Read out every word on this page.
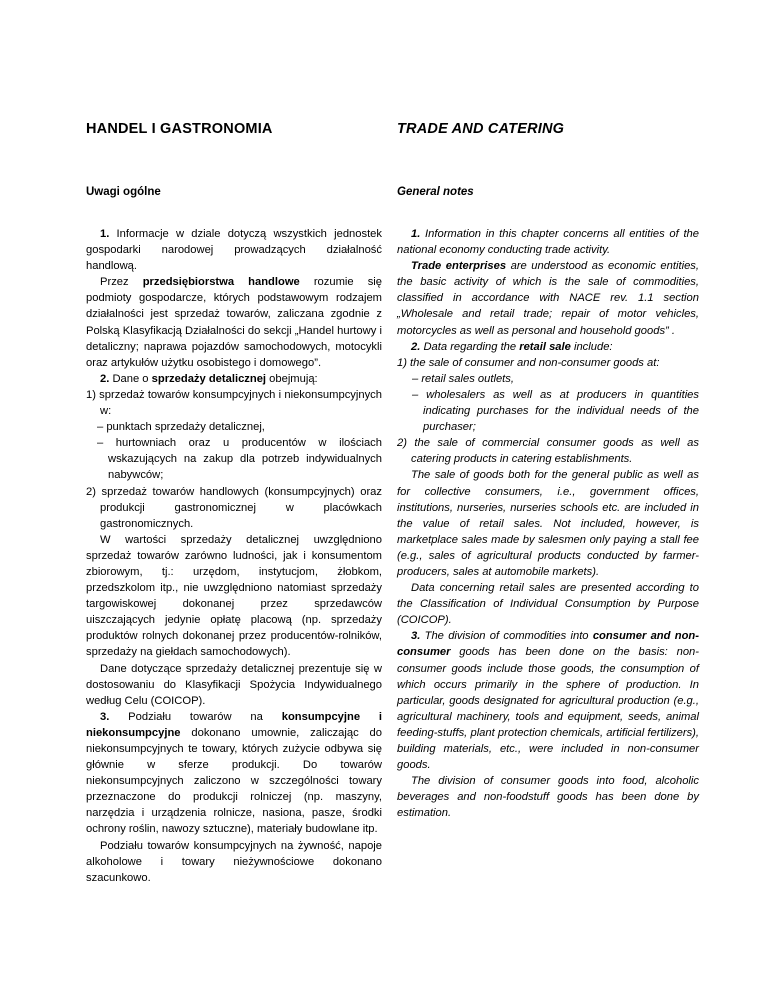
HANDEL I GASTRONOMIA
Uwagi ogólne

1. Informacje w dziale dotyczą wszystkich jednostek gospodarki narodowej prowadzących działalność handlową.

Przez przedsiębiorstwa handlowe rozumie się podmioty gospodarcze, których podstawowym rodzajem działalności jest sprzedaż towarów, zaliczana zgodnie z Polską Klasyfikacją Działalności do sekcji „Handel hurtowy i detaliczny; naprawa pojazdów samochodowych, motocykli oraz artykułów użytku osobistego i domowego”.

2. Dane o sprzedaży detalicznej obejmują:

1) sprzedaż towarów konsumpcyjnych i niekonsumpcyjnych w:

– punktach sprzedaży detalicznej,

– hurtowniach oraz u producentów w ilościach wskazujących na zakup dla potrzeb indywidualnych nabywców;

2) sprzedaż towarów handlowych (konsumpcyjnych) oraz produkcji gastronomicznej w placówkach gastronomicznych.

W wartości sprzedaży detalicznej uwzględniono sprzedaż towarów zarówno ludności, jak i konsumentom zbiorowym, tj.: urzędom, instytucjom, żłobkom, przedszkolom itp., nie uwzględniono natomiast sprzedaży targowiskowej dokonanej przez sprzedawców uiszczających jedynie opłatę placową (np. sprzedaży produktów rolnych dokonanej przez producentów-rolników, sprzedaży na giełdach samochodowych).

Dane dotyczące sprzedaży detalicznej prezentuje się w dostosowaniu do Klasyfikacji Spożycia Indywidualnego według Celu (COICOP).

3. Podziału towarów na konsumpcyjne i niekonsumpcyjne dokonano umownie, zaliczając do niekonsumpcyjnych te towary, których zużycie odbywa się głównie w sferze produkcji. Do towarów niekonsumpcyjnych zaliczono w szczególności towary przeznaczone do produkcji rolniczej (np. maszyny, narzędzia i urządzenia rolnicze, nasiona, pasze, środki ochrony roślin, nawozy sztuczne), materiały budowlane itp.

Podziału towarów konsumpcyjnych na żywność, napoje alkoholowe i towary nieżywnościowe dokonano szacunkowo.

TRADE AND CATERING
General notes

1. Information in this chapter concerns all entities of the national economy conducting trade activity.

Trade enterprises are understood as economic entities, the basic activity of which is the sale of commodities, classified in accordance with NACE rev. 1.1 section „Wholesale and retail trade; repair of motor vehicles, motorcycles as well as personal and household goods” .

2. Data regarding the retail sale include:

1) the sale of consumer and non-consumer goods at:

– retail sales outlets,

– wholesalers as well as at producers in quantities indicating purchases for the individual needs of the purchaser;

2) the sale of commercial consumer goods as well as catering products in catering establishments.

The sale of goods both for the general public as well as for collective consumers, i.e., government offices, institutions, nurseries, nurseries schools etc. are included in the value of retail sales. Not included, however, is marketplace sales made by salesmen only paying a stall fee (e.g., sales of agricultural products conducted by farmer-producers, sales at automobile markets).

Data concerning retail sales are presented according to the Classification of Individual Consumption by Purpose (COICOP).

3. The division of commodities into consumer and non-consumer goods has been done on the basis: non-consumer goods include those goods, the consumption of which occurs primarily in the sphere of production. In particular, goods designated for agricultural production (e.g., agricultural machinery, tools and equipment, seeds, animal feeding-stuffs, plant protection chemicals, artificial fertilizers), building materials, etc., were included in non-consumer goods.

The division of consumer goods into food, alcoholic beverages and non-foodstuff goods has been done by estimation.
